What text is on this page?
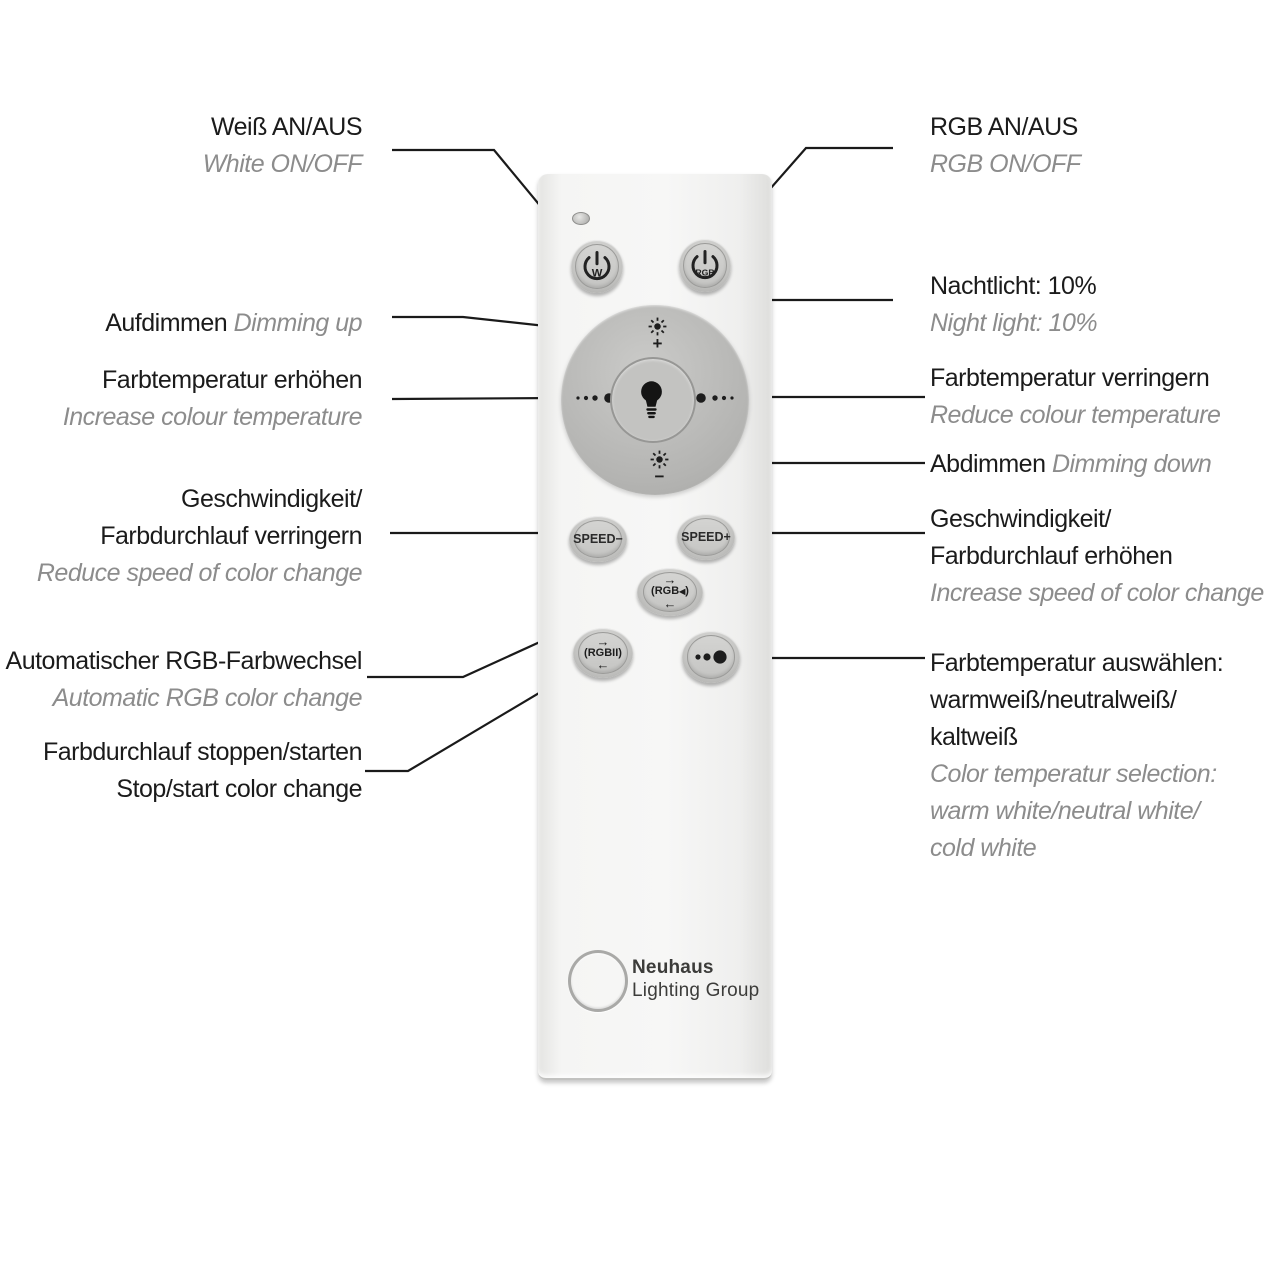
Weiß AN/AUS
White ON/OFF
Aufdimmen Dimming up
Farbtemperatur erhöhen
Increase colour temperature
Geschwindigkeit/
Farbdurchlauf verringern
Reduce speed of color change
Automatischer RGB-Farbwechsel
Automatic RGB color change
Farbdurchlauf stoppen/starten
Stop/start color change
RGB AN/AUS
RGB ON/OFF
Nachtlicht: 10%
Night light: 10%
Farbtemperatur verringern
Reduce colour temperature
Abdimmen Dimming down
Geschwindigkeit/
Farbdurchlauf erhöhen
Increase speed of color change
Farbtemperatur auswählen:
warmweiß/neutralweiß/
kaltweiß
Color temperatur selection:
warm white/neutral white/
cold white
W	RGB
+
−
SPEED−	SPEED+
→
(RGB◀)
←
→
(RGBII)
←
Neuhaus
Lighting Group
